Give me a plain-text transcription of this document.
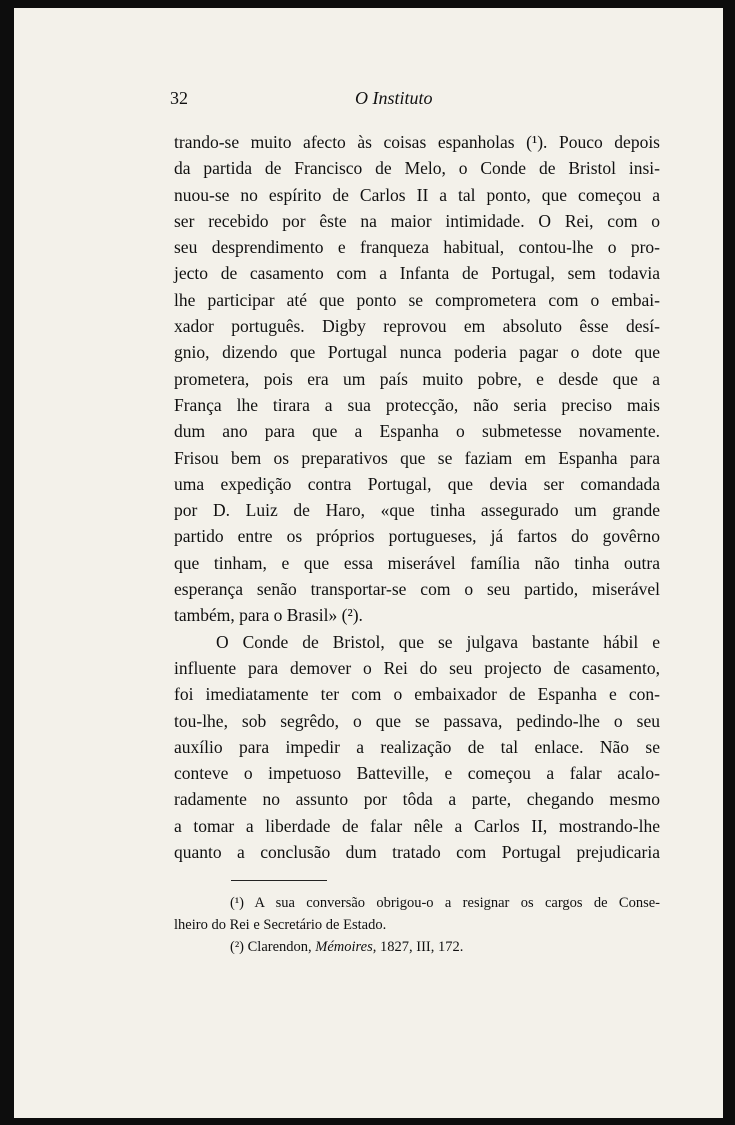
32	O Instituto
trando-se muito afecto às coisas espanholas (¹). Pouco depois
da partida de Francisco de Melo, o Conde de Bristol insi-
nuou-se no espírito de Carlos II a tal ponto, que começou a
ser recebido por êste na maior intimidade. O Rei, com o
seu desprendimento e franqueza habitual, contou-lhe o pro-
jecto de casamento com a Infanta de Portugal, sem todavia
lhe participar até que ponto se comprometera com o embai-
xador português. Digby reprovou em absoluto êsse desí-
gnio, dizendo que Portugal nunca poderia pagar o dote que
prometera, pois era um país muito pobre, e desde que a
França lhe tirara a sua protecção, não seria preciso mais
dum ano para que a Espanha o submetesse novamente.
Frisou bem os preparativos que se faziam em Espanha para
uma expedição contra Portugal, que devia ser comandada
por D. Luiz de Haro, «que tinha assegurado um grande
partido entre os próprios portugueses, já fartos do govêrno
que tinham, e que essa miserável família não tinha outra
esperança senão transportar-se com o seu partido, miserável
também, para o Brasil» (²).
O Conde de Bristol, que se julgava bastante hábil e
influente para demover o Rei do seu projecto de casamento,
foi imediatamente ter com o embaixador de Espanha e con-
tou-lhe, sob segrêdo, o que se passava, pedindo-lhe o seu
auxílio para impedir a realização de tal enlace. Não se
conteve o impetuoso Batteville, e começou a falar acalo-
radamente no assunto por tôda a parte, chegando mesmo
a tomar a liberdade de falar nêle a Carlos II, mostrando-lhe
quanto a conclusão dum tratado com Portugal prejudicaria
(¹) A sua conversão obrigou-o a resignar os cargos de Conse-
lheiro do Rei e Secretário de Estado.
(²) Clarendon, Mémoires, 1827, III, 172.
